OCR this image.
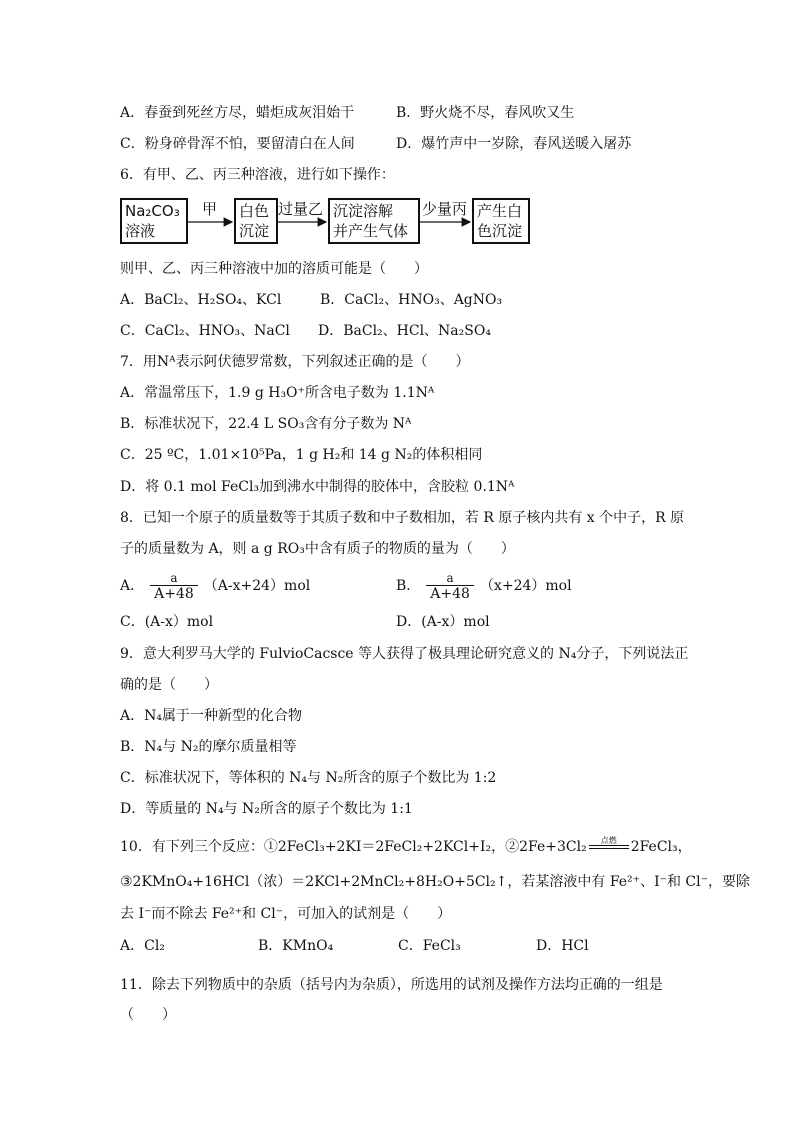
A．春蚕到死丝方尽，蜡炬成灰泪始干	B．野火烧不尽，春风吹又生
C．粉身碎骨浑不怕，要留清白在人间	D．爆竹声中一岁除，春风送暖入屠苏
6．有甲、乙、丙三种溶液，进行如下操作：
Na₂CO₃
溶液
甲 白色
沉淀
过量乙 沉淀溶解
并产生气体
少量丙 产生白
色沉淀
则甲、乙、丙三种溶液中加的溶质可能是（　　）
A．BaCl₂、H₂SO₄、KCl	B．CaCl₂、HNO₃、AgNO₃
C．CaCl₂、HNO₃、NaCl D．BaCl₂、HCl、Na₂SO₄
7．用Nᴬ表示阿伏德罗常数，下列叙述正确的是（　　）
A．常温常压下，1.9 g H₃O⁺所含电子数为 1.1Nᴬ
B．标准状况下，22.4 L SO₃含有分子数为 Nᴬ
C．25 ºC，1.01×10⁵Pa，1 g H₂和 14 g N₂的体积相同
D．将 0.1 mol FeCl₃加到沸水中制得的胶体中，含胶粒 0.1Nᴬ
8．已知一个原子的质量数等于其质子数和中子数相加，若 R 原子核内共有 x 个中子，R 原
子的质量数为 A，则 a g RO₃中含有质子的物质的量为（　　）
A． $\frac{a}{A+48} (A-x+24)mol$	B． $\frac{a}{A+48} (x+24)mol$
C．(A-x）mol	D．(A-x）mol
9．意大利罗马大学的 FulvioCacsce 等人获得了极具理论研究意义的 N₄分子，下列说法正
确的是（　　）
A．N₄属于一种新型的化合物
B．N₄与 N₂的摩尔质量相等
C．标准状况下，等体积的 N₄与 N₂所含的原子个数比为 1:2
D．等质量的 N₄与 N₂所含的原子个数比为 1:1
10．有下列三个反应：①2FeCl₃+2KI＝2FeCl₂+2KCl+I₂，②2Fe+3Cl₂	点燃	2FeCl₃，
③2KMnO₄+16HCl（浓）＝2KCl+2MnCl₂+8H₂O+5Cl₂↑，若某溶液中有 Fe²⁺、I⁻和 Cl⁻，要除
去 I⁻而不除去 Fe²⁺和 Cl⁻，可加入的试剂是（　　）
A．Cl₂	B．KMnO₄	C．FeCl₃	D．HCl
11．除去下列物质中的杂质（括号内为杂质），所选用的试剂及操作方法均正确的一组是
（　　）
